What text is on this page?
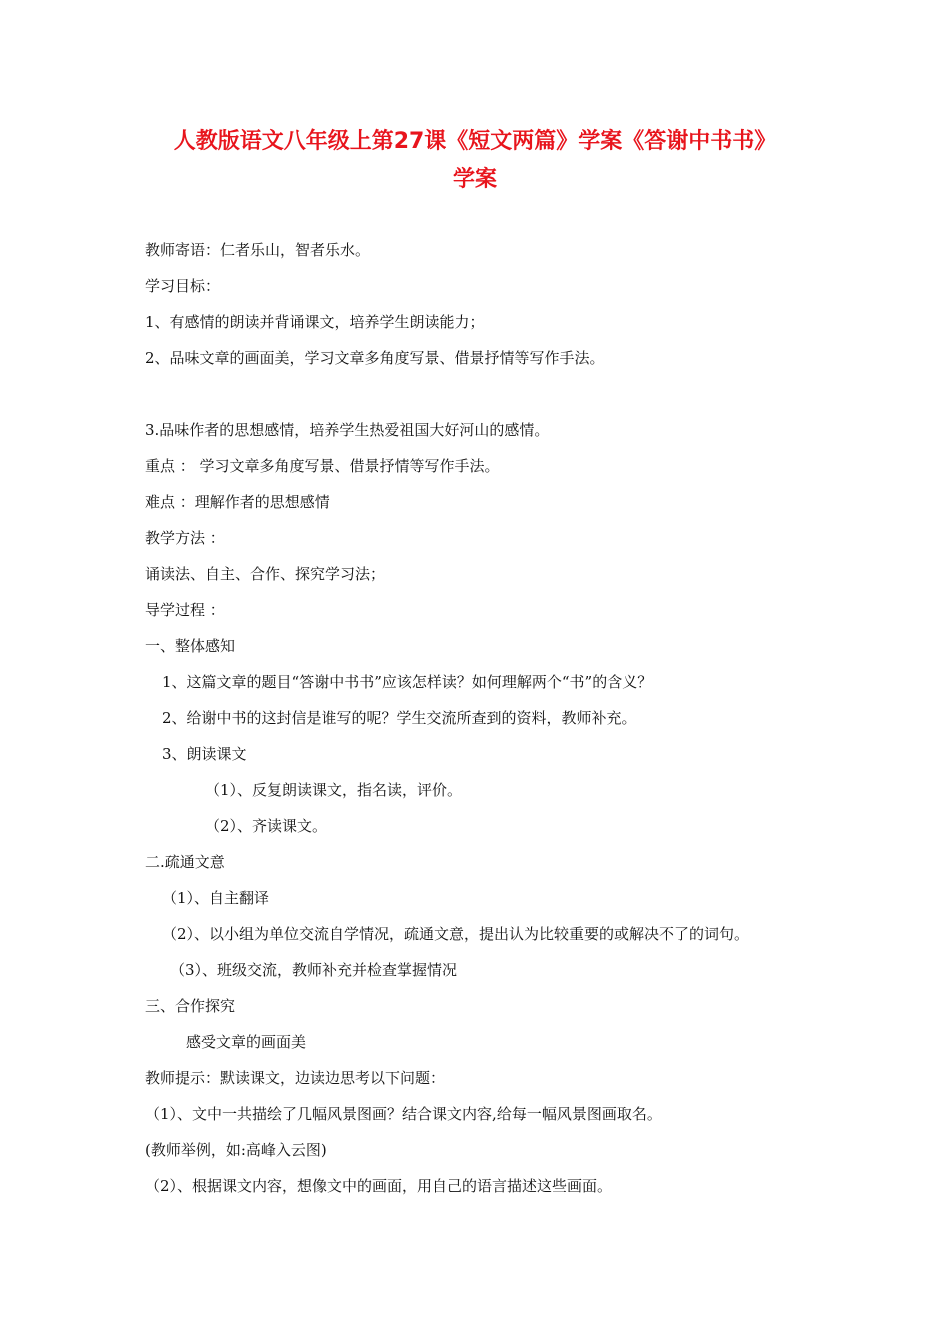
人教版语文八年级上第27课《短文两篇》学案《答谢中书书》
学案
教师寄语：仁者乐山，智者乐水。
学习目标：
1、有感情的朗读并背诵课文，培养学生朗读能力；
2、品味文章的画面美，学习文章多角度写景、借景抒情等写作手法。
3.品味作者的思想感情，培养学生热爱祖国大好河山的感情。
重点 ： 学习文章多角度写景、借景抒情等写作手法。
难点 ：理解作者的思想感情
教学方法 ：
诵读法、自主、合作、探究学习法；
导学过程 ：
一、整体感知
1、这篇文章的题目“答谢中书书”应该怎样读？如何理解两个“书”的含义？
2、给谢中书的这封信是谁写的呢？学生交流所查到的资料，教师补充。
3、朗读课文
（1）、反复朗读课文，指名读，评价。
（2）、齐读课文。
二.疏通文意
（1）、自主翻译
（2）、以小组为单位交流自学情况，疏通文意，提出认为比较重要的或解决不了的词句。
（3）、班级交流，教师补充并检查掌握情况
三、合作探究
感受文章的画面美
教师提示：默读课文，边读边思考以下问题：
（1）、文中一共描绘了几幅风景图画？结合课文内容,给每一幅风景图画取名。
(教师举例，如:高峰入云图)
（2）、根据课文内容，想像文中的画面，用自己的语言描述这些画面。
